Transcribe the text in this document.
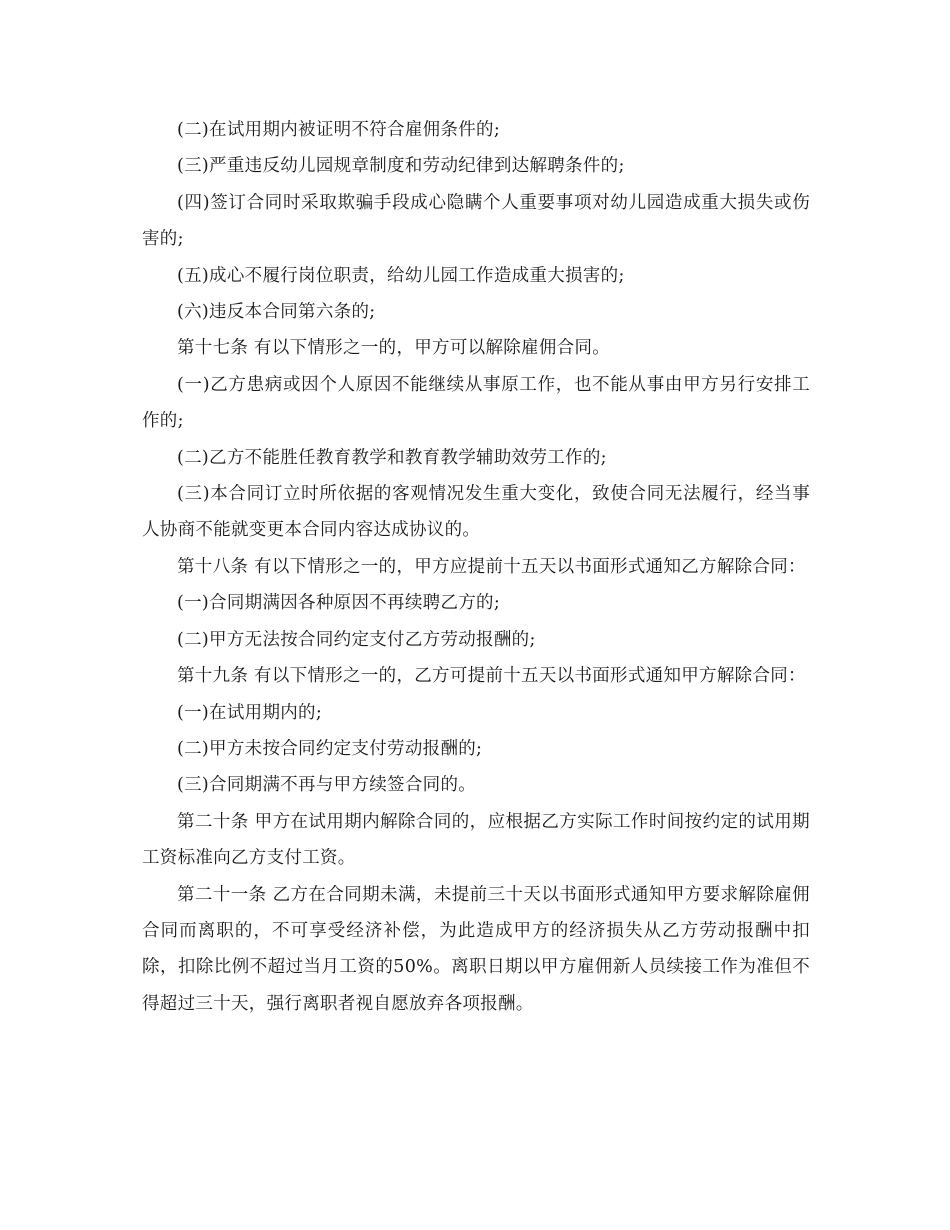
(二)在试用期内被证明不符合雇佣条件的;

(三)严重违反幼儿园规章制度和劳动纪律到达解聘条件的;

(四)签订合同时采取欺骗手段成心隐瞒个人重要事项对幼儿园造成重大损失或伤害的;

(五)成心不履行岗位职责，给幼儿园工作造成重大损害的;

(六)违反本合同第六条的;

第十七条 有以下情形之一的，甲方可以解除雇佣合同。

(一)乙方患病或因个人原因不能继续从事原工作，也不能从事由甲方另行安排工作的;

(二)乙方不能胜任教育教学和教育教学辅助效劳工作的;

(三)本合同订立时所依据的客观情况发生重大变化，致使合同无法履行，经当事人协商不能就变更本合同内容达成协议的。

第十八条 有以下情形之一的，甲方应提前十五天以书面形式通知乙方解除合同：

(一)合同期满因各种原因不再续聘乙方的;

(二)甲方无法按合同约定支付乙方劳动报酬的;

第十九条 有以下情形之一的，乙方可提前十五天以书面形式通知甲方解除合同：

(一)在试用期内的;

(二)甲方未按合同约定支付劳动报酬的;

(三)合同期满不再与甲方续签合同的。

第二十条 甲方在试用期内解除合同的，应根据乙方实际工作时间按约定的试用期工资标准向乙方支付工资。

第二十一条 乙方在合同期未满，未提前三十天以书面形式通知甲方要求解除雇佣合同而离职的，不可享受经济补偿，为此造成甲方的经济损失从乙方劳动报酬中扣除，扣除比例不超过当月工资的50%。离职日期以甲方雇佣新人员续接工作为准但不得超过三十天，强行离职者视自愿放弃各项报酬。
